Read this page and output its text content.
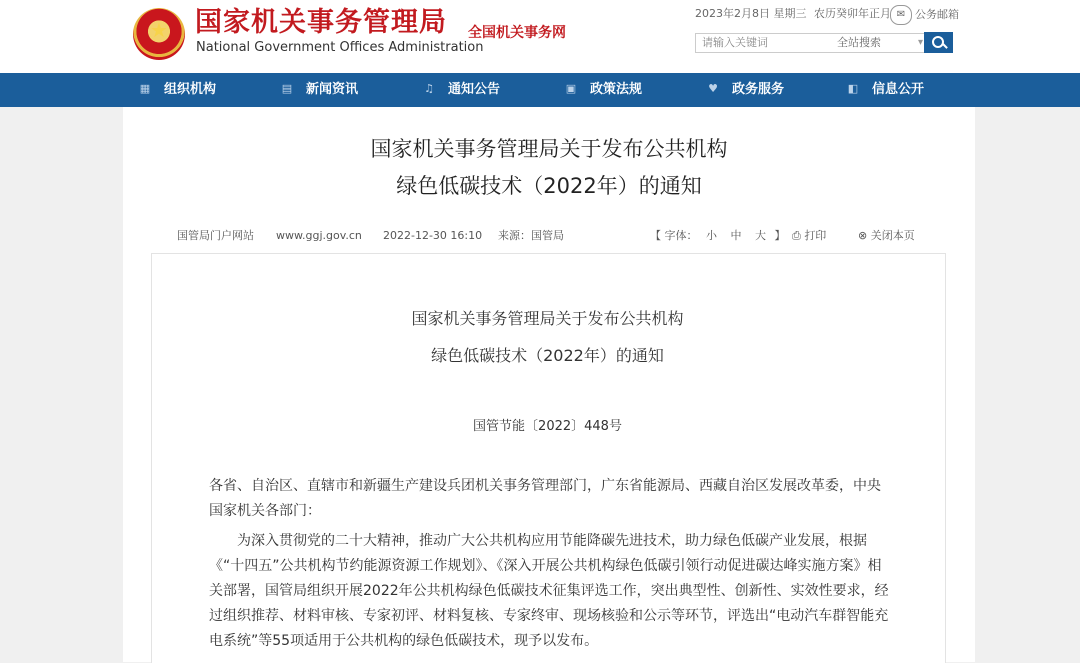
★	国家机关事务管理局
National Government Offices Administration
全国机关事务网
2023年2月8日 星期三 农历癸卯年正月 ✉ 公务邮箱
请输入关键词	全站搜索	▾
▦ 组织机构	▤ 新闻资讯	♫ 通知公告	▣ 政策法规	♥ 政务服务	◧ 信息公开
国家机关事务管理局关于发布公共机构
绿色低碳技术（2022年）的通知
国管局门户网站 www.ggj.gov.cn 2022-12-30 16:10 来源：国管局	【 字体： 小 中 大 】 ⎙ 打印	⊗ 关闭本页
国家机关事务管理局关于发布公共机构
绿色低碳技术（2022年）的通知
国管节能〔2022〕448号

各省、自治区、直辖市和新疆生产建设兵团机关事务管理部门，广东省能源局、西藏自治区发展改革委，中央国家机关各部门：

为深入贯彻党的二十大精神，推动广大公共机构应用节能降碳先进技术，助力绿色低碳产业发展，根据《“十四五”公共机构节约能源资源工作规划》、《深入开展公共机构绿色低碳引领行动促进碳达峰实施方案》相关部署，国管局组织开展2022年公共机构绿色低碳技术征集评选工作，突出典型性、创新性、实效性要求，经过组织推荐、材料审核、专家初评、材料复核、专家终审、现场核验和公示等环节，评选出“电动汽车群智能充电系统”等55项适用于公共机构的绿色低碳技术，现予以发布。
